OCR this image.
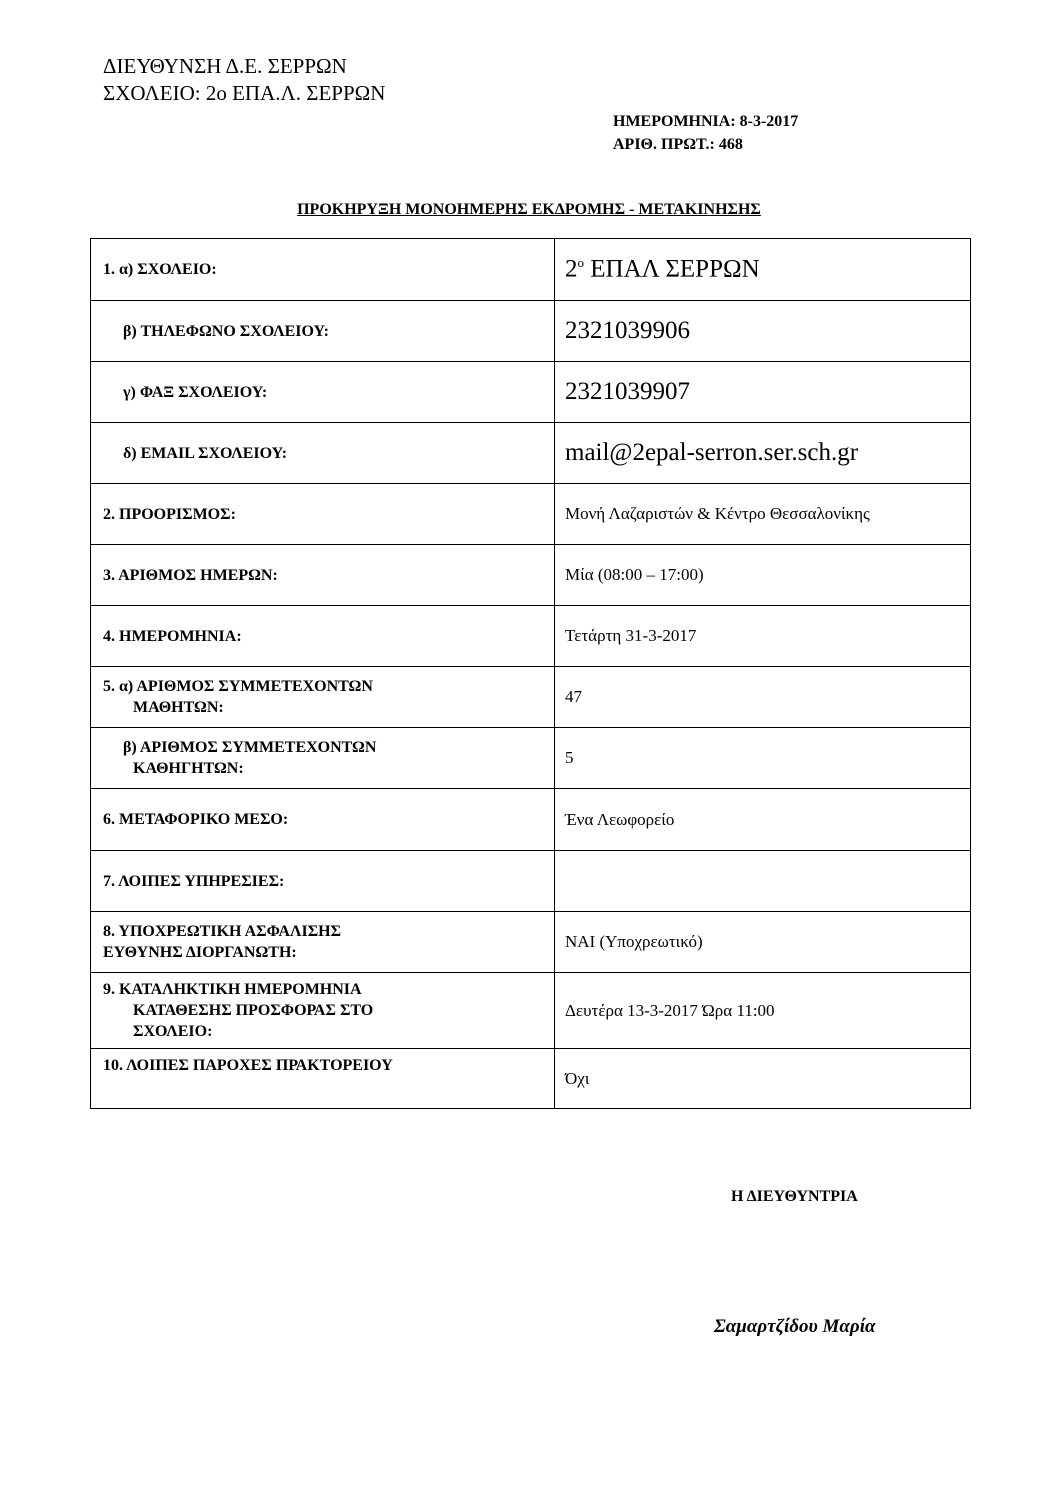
ΔΙΕΥΘΥΝΣΗ Δ.Ε. ΣΕΡΡΩΝ
ΣΧΟΛΕΙΟ: 2ο ΕΠΑ.Λ. ΣΕΡΡΩΝ
ΗΜΕΡΟΜΗΝΙΑ: 8-3-2017
ΑΡΙΘ. ΠΡΩΤ.: 468
ΠΡΟΚΗΡΥΞΗ ΜΟΝΟΗΜΕΡΗΣ ΕΚΔΡΟΜΗΣ - ΜΕΤΑΚΙΝΗΣΗΣ
1. α) ΣΧΟΛΕΙΟ:	$2^o$ ΕΠΑΛ ΣΕΡΡΩΝ
β) ΤΗΛΕΦΩΝΟ ΣΧΟΛΕΙΟΥ:	2321039906
γ) ΦΑΞ ΣΧΟΛΕΙΟΥ:	2321039907
δ) EMAIL ΣΧΟΛΕΙΟΥ:	mail@2epal-serron.ser.sch.gr
2. ΠΡΟΟΡΙΣΜΟΣ:	Μονή Λαζαριστών & Κέντρο Θεσσαλονίκης
3. ΑΡΙΘΜΟΣ ΗΜΕΡΩΝ:	Μία (08:00 – 17:00)
4. ΗΜΕΡΟΜΗΝΙΑ:	Τετάρτη 31-3-2017
5. α) ΑΡΙΘΜΟΣ ΣΥΜΜΕΤΕΧΟΝΤΩΝ
ΜΑΘΗΤΩΝ:	47
β) ΑΡΙΘΜΟΣ ΣΥΜΜΕΤΕΧΟΝΤΩΝ
ΚΑΘΗΓΗΤΩΝ:	5
6. ΜΕΤΑΦΟΡΙΚΟ ΜΕΣΟ:	Ένα Λεωφορείο
7. ΛΟΙΠΕΣ ΥΠΗΡΕΣΙΕΣ:	
8. ΥΠΟΧΡΕΩΤΙΚΗ ΑΣΦΑΛΙΣΗΣ
ΕΥΘΥΝΗΣ ΔΙΟΡΓΑΝΩΤΗ:	ΝΑΙ (Υποχρεωτικό)
9. ΚΑΤΑΛΗΚΤΙΚΗ ΗΜΕΡΟΜΗΝΙΑ
ΚΑΤΑΘΕΣΗΣ ΠΡΟΣΦΟΡΑΣ ΣΤΟ
ΣΧΟΛΕΙΟ:	Δευτέρα 13-3-2017 Ώρα 11:00
10. ΛΟΙΠΕΣ ΠΑΡΟΧΕΣ ΠΡΑΚΤΟΡΕΙΟΥ	Όχι
Η ΔΙΕΥΘΥΝΤΡΙΑ
Σαμαρτζίδου Μαρία
